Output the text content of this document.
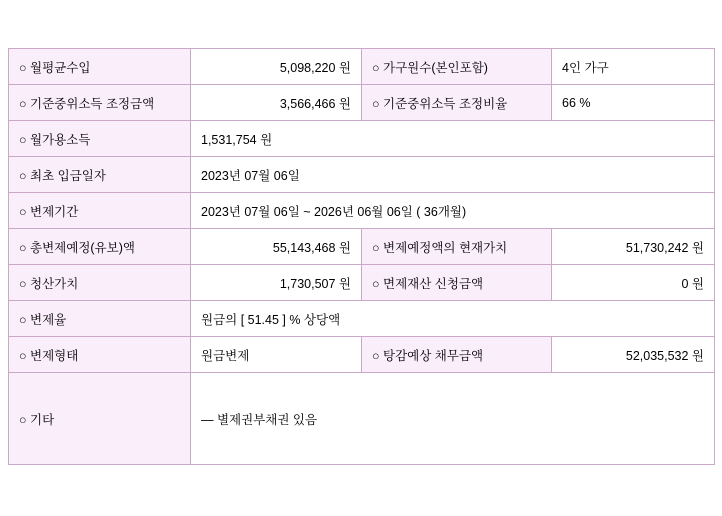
○ 월평균수입	5,098,220 원	○ 가구원수(본인포함)	4인 가구
○ 기준중위소득 조정금액	3,566,466 원	○ 기준중위소득 조정비율	66 %
○ 월가용소득	1,531,754 원		
○ 최초 입금일자	2023년 07월 06일		
○ 변제기간	2023년 07월 06일 ~ 2026년 06월 06일 ( 36개월)		
○ 총변제예정(유보)액	55,143,468 원	○ 변제예정액의 현재가치	51,730,242 원
○ 청산가치	1,730,507 원	○ 면제재산 신청금액	0 원
○ 변제율	원금의 [ 51.45 ] % 상당액		
○ 변제형태	원금변제	○ 탕감예상 채무금액	52,035,532 원
○ 기타	— 별제권부채권 있음		
